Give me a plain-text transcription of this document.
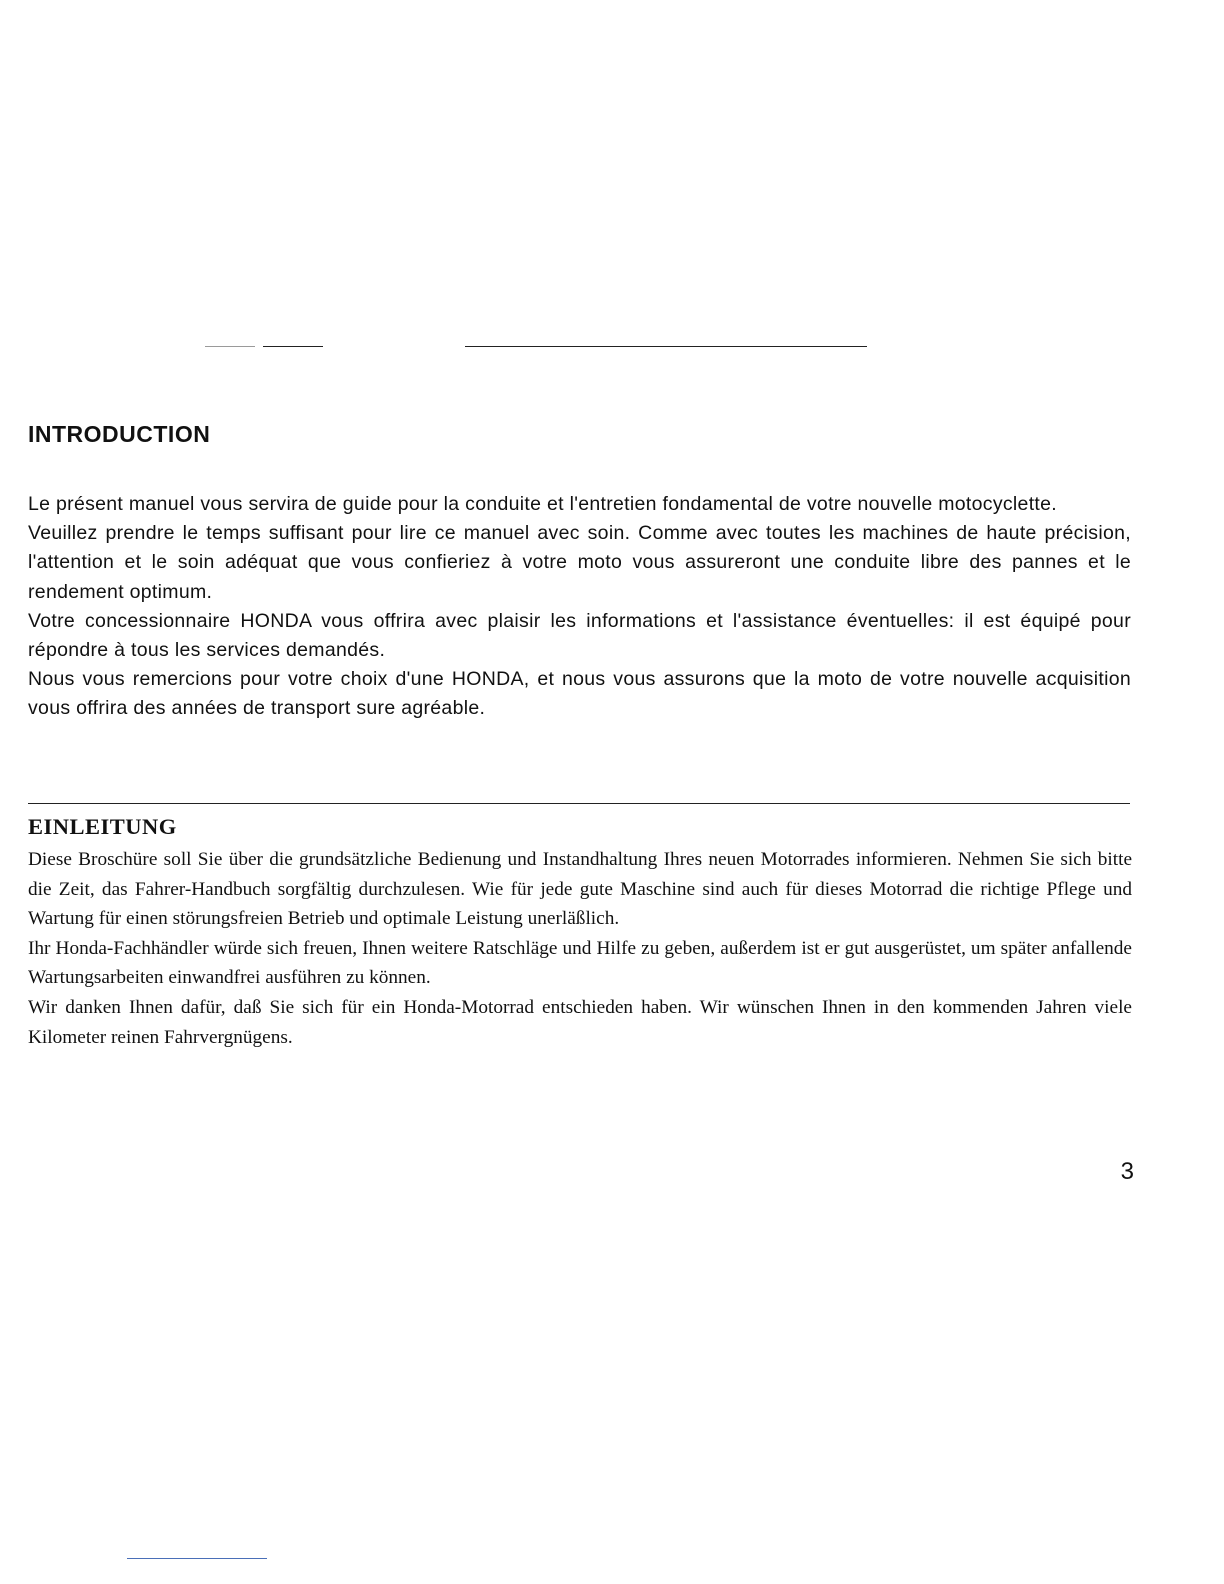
INTRODUCTION

Le présent manuel vous servira de guide pour la conduite et l'entretien fondamental de votre nouvelle motocyclette.

Veuillez prendre le temps suffisant pour lire ce manuel avec soin. Comme avec toutes les machines de haute précision, l'attention et le soin adéquat que vous confieriez à votre moto vous assureront une conduite libre des pannes et le rendement optimum.

Votre concessionnaire HONDA vous offrira avec plaisir les informations et l'assistance éventuelles: il est équipé pour répondre à tous les services demandés.

Nous vous remercions pour votre choix d'une HONDA, et nous vous assurons que la moto de votre nouvelle acquisition vous offrira des années de transport sure agréable.

EINLEITUNG

Diese Broschüre soll Sie über die grundsätzliche Bedienung und Instandhaltung Ihres neuen Motorrades informieren. Nehmen Sie sich bitte die Zeit, das Fahrer-Handbuch sorgfältig durchzulesen. Wie für jede gute Maschine sind auch für dieses Motorrad die richtige Pflege und Wartung für einen störungsfreien Betrieb und optimale Leistung unerläßlich.

Ihr Honda-Fachhändler würde sich freuen, Ihnen weitere Ratschläge und Hilfe zu geben, außerdem ist er gut ausgerüstet, um später anfallende Wartungsarbeiten einwandfrei ausführen zu können.

Wir danken Ihnen dafür, daß Sie sich für ein Honda-Motorrad entschieden haben. Wir wünschen Ihnen in den kommenden Jahren viele Kilometer reinen Fahrvergnügens.

3
